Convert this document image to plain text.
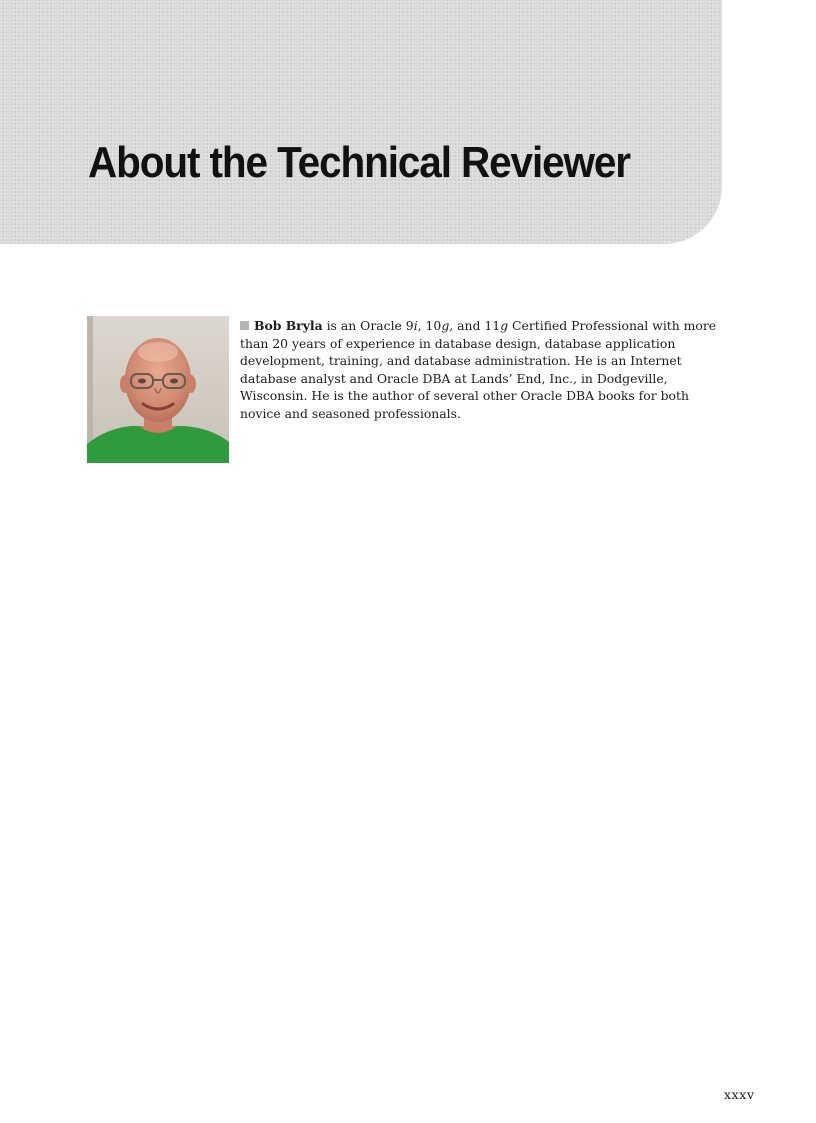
About the Technical Reviewer

Bob Bryla is an Oracle 9i, 10g, and 11g Certified Professional with more than 20 years of experience in database design, database application development, training, and database administration. He is an Internet database analyst and Oracle DBA at Lands’ End, Inc., in Dodgeville, Wisconsin. He is the author of several other Oracle DBA books for both novice and seasoned professionals.

xxxv
